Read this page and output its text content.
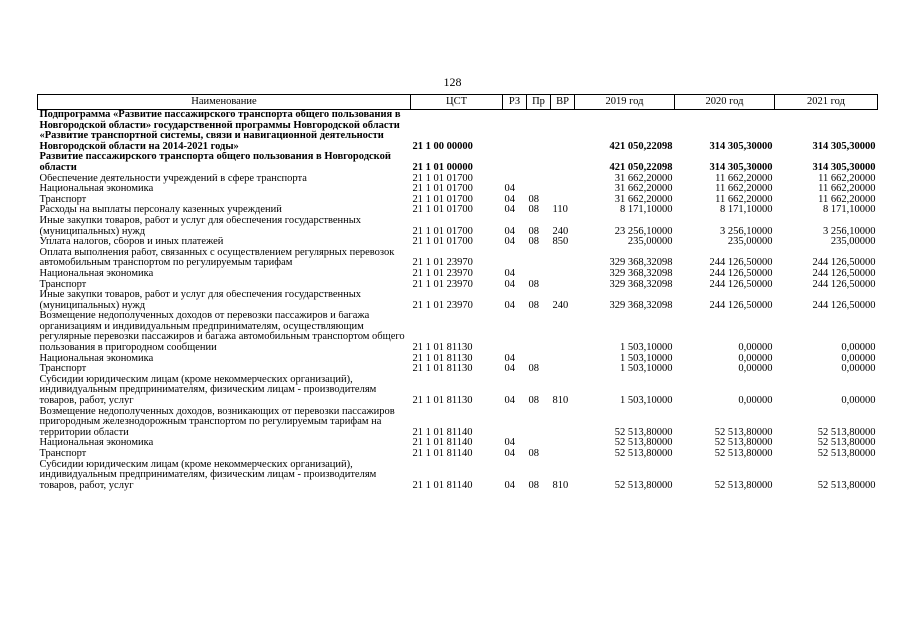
128
Наименование	ЦСТ	РЗ	Пр	ВР	2019 год	2020 год	2021 год
Подпрограмма «Развитие пассажирского транспорта общего пользования в Новгородской области» государственной программы Новгородской области «Развитие транспортной системы, связи и навигационной деятельности Новгородской области на 2014-2021 годы»	21 1 00 00000				421 050,22098	314 305,30000	314 305,30000
Развитие пассажирского транспорта общего пользования в Новгородской области	21 1 01 00000				421 050,22098	314 305,30000	314 305,30000
Обеспечение деятельности учреждений в сфере транспорта	21 1 01 01700				31 662,20000	11 662,20000	11 662,20000
Национальная экономика	21 1 01 01700	04			31 662,20000	11 662,20000	11 662,20000
Транспорт	21 1 01 01700	04	08		31 662,20000	11 662,20000	11 662,20000
Расходы на выплаты персоналу казенных учреждений	21 1 01 01700	04	08	110	8 171,10000	8 171,10000	8 171,10000
Иные закупки товаров, работ и услуг для обеспечения государственных (муниципальных) нужд	21 1 01 01700	04	08	240	23 256,10000	3 256,10000	3 256,10000
Уплата налогов, сборов и иных платежей	21 1 01 01700	04	08	850	235,00000	235,00000	235,00000
Оплата выполнения работ, связанных с осуществлением регулярных перевозок автомобильным транспортом по регулируемым тарифам	21 1 01 23970				329 368,32098	244 126,50000	244 126,50000
Национальная экономика	21 1 01 23970	04			329 368,32098	244 126,50000	244 126,50000
Транспорт	21 1 01 23970	04	08		329 368,32098	244 126,50000	244 126,50000
Иные закупки товаров, работ и услуг для обеспечения государственных (муниципальных) нужд	21 1 01 23970	04	08	240	329 368,32098	244 126,50000	244 126,50000
Возмещение недополученных доходов от перевозки пассажиров и багажа организациям и индивидуальным предпринимателям, осуществляющим регулярные перевозки пассажиров и багажа автомобильным транспортом общего пользования в пригородном сообщении	21 1 01 81130				1 503,10000	0,00000	0,00000
Национальная экономика	21 1 01 81130	04			1 503,10000	0,00000	0,00000
Транспорт	21 1 01 81130	04	08		1 503,10000	0,00000	0,00000
Субсидии юридическим лицам (кроме некоммерческих организаций), индивидуальным предпринимателям, физическим лицам - производителям товаров, работ, услуг	21 1 01 81130	04	08	810	1 503,10000	0,00000	0,00000
Возмещение недополученных доходов, возникающих от перевозки пассажиров пригородным железнодорожным транспортом по регулируемым тарифам на территории области	21 1 01 81140				52 513,80000	52 513,80000	52 513,80000
Национальная экономика	21 1 01 81140	04			52 513,80000	52 513,80000	52 513,80000
Транспорт	21 1 01 81140	04	08		52 513,80000	52 513,80000	52 513,80000
Субсидии юридическим лицам (кроме некоммерческих организаций), индивидуальным предпринимателям, физическим лицам - производителям товаров, работ, услуг	21 1 01 81140	04	08	810	52 513,80000	52 513,80000	52 513,80000
